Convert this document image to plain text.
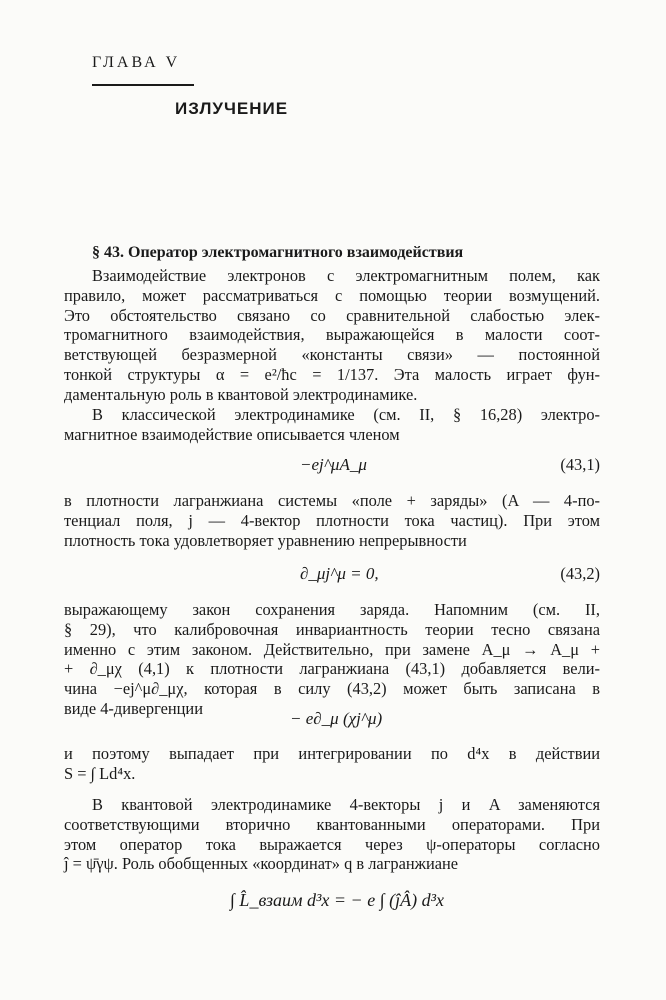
ГЛАВА V
ИЗЛУЧЕНИЕ
§ 43. Оператор электромагнитного взаимодействия
Взаимодействие электронов с электромагнитным полем, как
правило, может рассматриваться с помощью теории возмущений.
Это обстоятельство связано со сравнительной слабостью элек-
тромагнитного взаимодействия, выражающейся в малости соот-
ветствующей безразмерной «константы связи» — постоянной
тонкой структуры α = e²/ħc = 1/137. Эта малость играет фун-
даментальную роль в квантовой электродинамике.
В классической электродинамике (см. II, § 16,28) электро-
магнитное взаимодействие описывается членом
−ej^μA_μ	(43,1)
в плотности лагранжиана системы «поле + заряды» (A — 4-по-
тенциал поля, j — 4-вектор плотности тока частиц). При этом
плотность тока удовлетворяет уравнению непрерывности
∂_μj^μ = 0,	(43,2)
выражающему закон сохранения заряда. Напомним (см. II,
§ 29), что калибровочная инвариантность теории тесно связана
именно с этим законом. Действительно, при замене A_μ → A_μ +
+ ∂_μχ (4,1) к плотности лагранжиана (43,1) добавляется вели-
чина −ej^μ∂_μχ, которая в силу (43,2) может быть записана в
виде 4-дивергенции
− e∂_μ (χj^μ)
и поэтому выпадает при интегрировании по d⁴x в действии
S = ∫ Ld⁴x.
В квантовой электродинамике 4-векторы j и A заменяются
соответствующими вторично квантованными операторами. При
этом оператор тока выражается через ψ-операторы согласно
ĵ = ψ̄γψ. Роль обобщенных «координат» q в лагранжиане
∫ L̂_взаим d³x = − e ∫ (ĵÂ) d³x
